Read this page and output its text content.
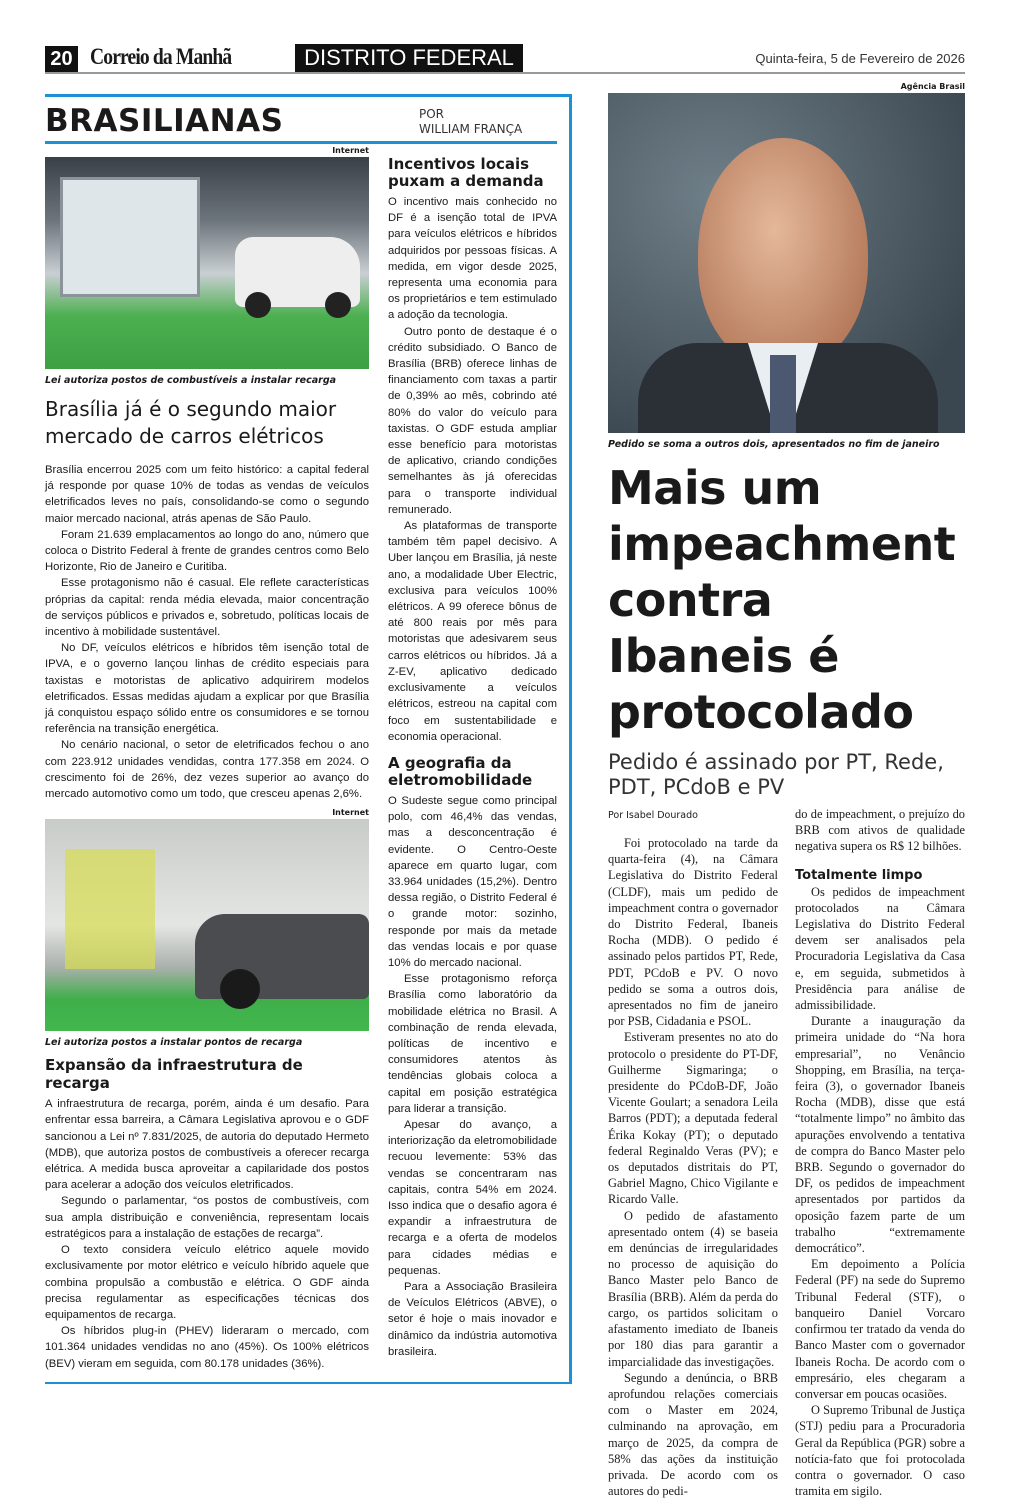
20 Correio da Manhã	DISTRITO FEDERAL	Quinta-feira, 5 de Fevereiro de 2026
BRASILIANAS	POR
WILLIAM FRANÇA
Internet
Lei autoriza postos de combustíveis a instalar recarga
Brasília já é o segundo maior mercado de carros elétricos

Brasília encerrou 2025 com um feito histórico: a capital federal já responde por quase 10% de todas as vendas de veículos eletrificados leves no país, consolidando-se como o segundo maior mercado nacional, atrás apenas de São Paulo.

Foram 21.639 emplacamentos ao longo do ano, número que coloca o Distrito Federal à frente de grandes centros como Belo Horizonte, Rio de Janeiro e Curitiba.

Esse protagonismo não é casual. Ele reflete características próprias da capital: renda média elevada, maior concentração de serviços públicos e privados e, sobretudo, políticas locais de incentivo à mobilidade sustentável.

No DF, veículos elétricos e híbridos têm isenção total de IPVA, e o governo lançou linhas de crédito especiais para taxistas e motoristas de aplicativo adquirirem modelos eletrificados. Essas medidas ajudam a explicar por que Brasília já conquistou espaço sólido entre os consumidores e se tornou referência na transição energética.

No cenário nacional, o setor de eletrificados fechou o ano com 223.912 unidades vendidas, contra 177.358 em 2024. O crescimento foi de 26%, dez vezes superior ao avanço do mercado automotivo como um todo, que cresceu apenas 2,6%.

Internet
Lei autoriza postos a instalar pontos de recarga
Expansão da infraestrutura de recarga

A infraestrutura de recarga, porém, ainda é um desafio. Para enfrentar essa barreira, a Câmara Legislativa aprovou e o GDF sancionou a Lei nº 7.831/2025, de autoria do deputado Hermeto (MDB), que autoriza postos de combustíveis a oferecer recarga elétrica. A medida busca aproveitar a capilaridade dos postos para acelerar a adoção dos veículos eletrificados.

Segundo o parlamentar, “os postos de combustíveis, com sua ampla distribuição e conveniência, representam locais estratégicos para a instalação de estações de recarga”.

O texto considera veículo elétrico aquele movido exclusivamente por motor elétrico e veículo híbrido aquele que combina propulsão a combustão e elétrica. O GDF ainda precisa regulamentar as especificações técnicas dos equipamentos de recarga.

Os híbridos plug-in (PHEV) lideraram o mercado, com 101.364 unidades vendidas no ano (45%). Os 100% elétricos (BEV) vieram em seguida, com 80.178 unidades (36%).

Incentivos locais puxam a demanda

O incentivo mais conhecido no DF é a isenção total de IPVA para veículos elétricos e híbridos adquiridos por pessoas físicas. A medida, em vigor desde 2025, representa uma economia para os proprietários e tem estimulado a adoção da tecnologia.

Outro ponto de destaque é o crédito subsidiado. O Banco de Brasília (BRB) oferece linhas de financiamento com taxas a partir de 0,39% ao mês, cobrindo até 80% do valor do veículo para taxistas. O GDF estuda ampliar esse benefício para motoristas de aplicativo, criando condições semelhantes às já oferecidas para o transporte individual remunerado.

As plataformas de transporte também têm papel decisivo. A Uber lançou em Brasília, já neste ano, a modalidade Uber Electric, exclusiva para veículos 100% elétricos. A 99 oferece bônus de até 800 reais por mês para motoristas que adesivarem seus carros elétricos ou híbridos. Já a Z-EV, aplicativo dedicado exclusivamente a veículos elétricos, estreou na capital com foco em sustentabilidade e economia operacional.

A geografia da eletromobilidade

O Sudeste segue como principal polo, com 46,4% das vendas, mas a desconcentração é evidente. O Centro-Oeste aparece em quarto lugar, com 33.964 unidades (15,2%). Dentro dessa região, o Distrito Federal é o grande motor: sozinho, responde por mais da metade das vendas locais e por quase 10% do mercado nacional.

Esse protagonismo reforça Brasília como laboratório da mobilidade elétrica no Brasil. A combinação de renda elevada, políticas de incentivo e consumidores atentos às tendências globais coloca a capital em posição estratégica para liderar a transição.

Apesar do avanço, a interiorização da eletromobilidade recuou levemente: 53% das vendas se concentraram nas capitais, contra 54% em 2024. Isso indica que o desafio agora é expandir a infraestrutura de recarga e a oferta de modelos para cidades médias e pequenas.

Para a Associação Brasileira de Veículos Elétricos (ABVE), o setor é hoje o mais inovador e dinâmico da indústria automotiva brasileira.

Agência Brasil
Pedido se soma a outros dois, apresentados no fim de janeiro
Mais um impeachment contra Ibaneis é protocolado
Pedido é assinado por PT, Rede, PDT, PCdoB e PV
Por Isabel Dourado

Foi protocolado na tarde da quarta-feira (4), na Câmara Legislativa do Distrito Federal (CLDF), mais um pedido de impeachment contra o governador do Distrito Federal, Ibaneis Rocha (MDB). O pedido é assinado pelos partidos PT, Rede, PDT, PCdoB e PV. O novo pedido se soma a outros dois, apresentados no fim de janeiro por PSB, Cidadania e PSOL.

Estiveram presentes no ato do protocolo o presidente do PT-DF, Guilherme Sigmaringa; o presidente do PCdoB-DF, João Vicente Goulart; a senadora Leila Barros (PDT); a deputada federal Érika Kokay (PT); o deputado federal Reginaldo Veras (PV); e os deputados distritais do PT, Gabriel Magno, Chico Vigilante e Ricardo Valle.

O pedido de afastamento apresentado ontem (4) se baseia em denúncias de irregularidades no processo de aquisição do Banco Master pelo Banco de Brasília (BRB). Além da perda do cargo, os partidos solicitam o afastamento imediato de Ibaneis por 180 dias para garantir a imparcialidade das investigações.

Segundo a denúncia, o BRB aprofundou relações comerciais com o Master em 2024, culminando na aprovação, em março de 2025, da compra de 58% das ações da instituição privada. De acordo com os autores do pedi-

do de impeachment, o prejuízo do BRB com ativos de qualidade negativa supera os R$ 12 bilhões.

Totalmente limpo

Os pedidos de impeachment protocolados na Câmara Legislativa do Distrito Federal devem ser analisados pela Procuradoria Legislativa da Casa e, em seguida, submetidos à Presidência para análise de admissibilidade.

Durante a inauguração da primeira unidade do “Na hora empresarial”, no Venâncio Shopping, em Brasília, na terça-feira (3), o governador Ibaneis Rocha (MDB), disse que está “totalmente limpo” no âmbito das apurações envolvendo a tentativa de compra do Banco Master pelo BRB. Segundo o governador do DF, os pedidos de impeachment apresentados por partidos da oposição fazem parte de um trabalho “extremamente democrático”.

Em depoimento a Polícia Federal (PF) na sede do Supremo Tribunal Federal (STF), o banqueiro Daniel Vorcaro confirmou ter tratado da venda do Banco Master com o governador Ibaneis Rocha. De acordo com o empresário, eles chegaram a conversar em poucas ocasiões.

O Supremo Tribunal de Justiça (STJ) pediu para a Procuradoria Geral da República (PGR) sobre a notícia-fato que foi protocolada contra o governador. O caso tramita em sigilo.
